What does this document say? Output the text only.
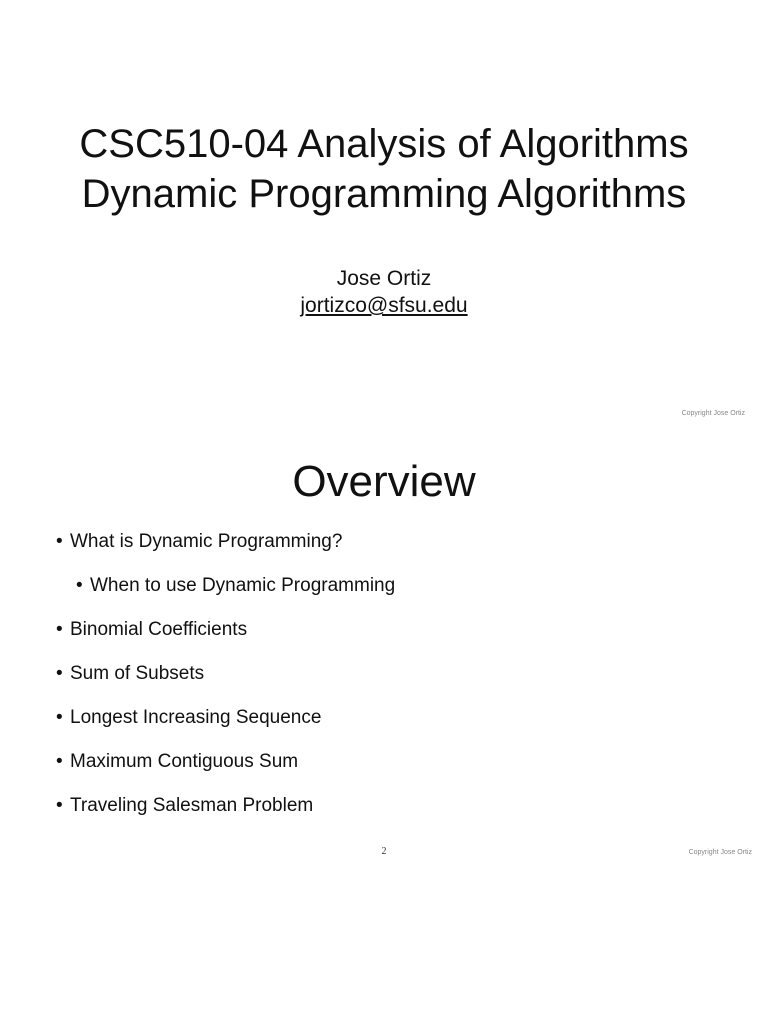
CSC510-04 Analysis of Algorithms
Dynamic Programming Algorithms
Jose Ortiz
jortizco@sfsu.edu
Copyright Jose Ortiz
Overview
• What is Dynamic Programming?
• When to use Dynamic Programming
• Binomial Coefficients
• Sum of Subsets
• Longest Increasing Sequence
• Maximum Contiguous Sum
• Traveling Salesman Problem
2	Copyright Jose Ortiz
